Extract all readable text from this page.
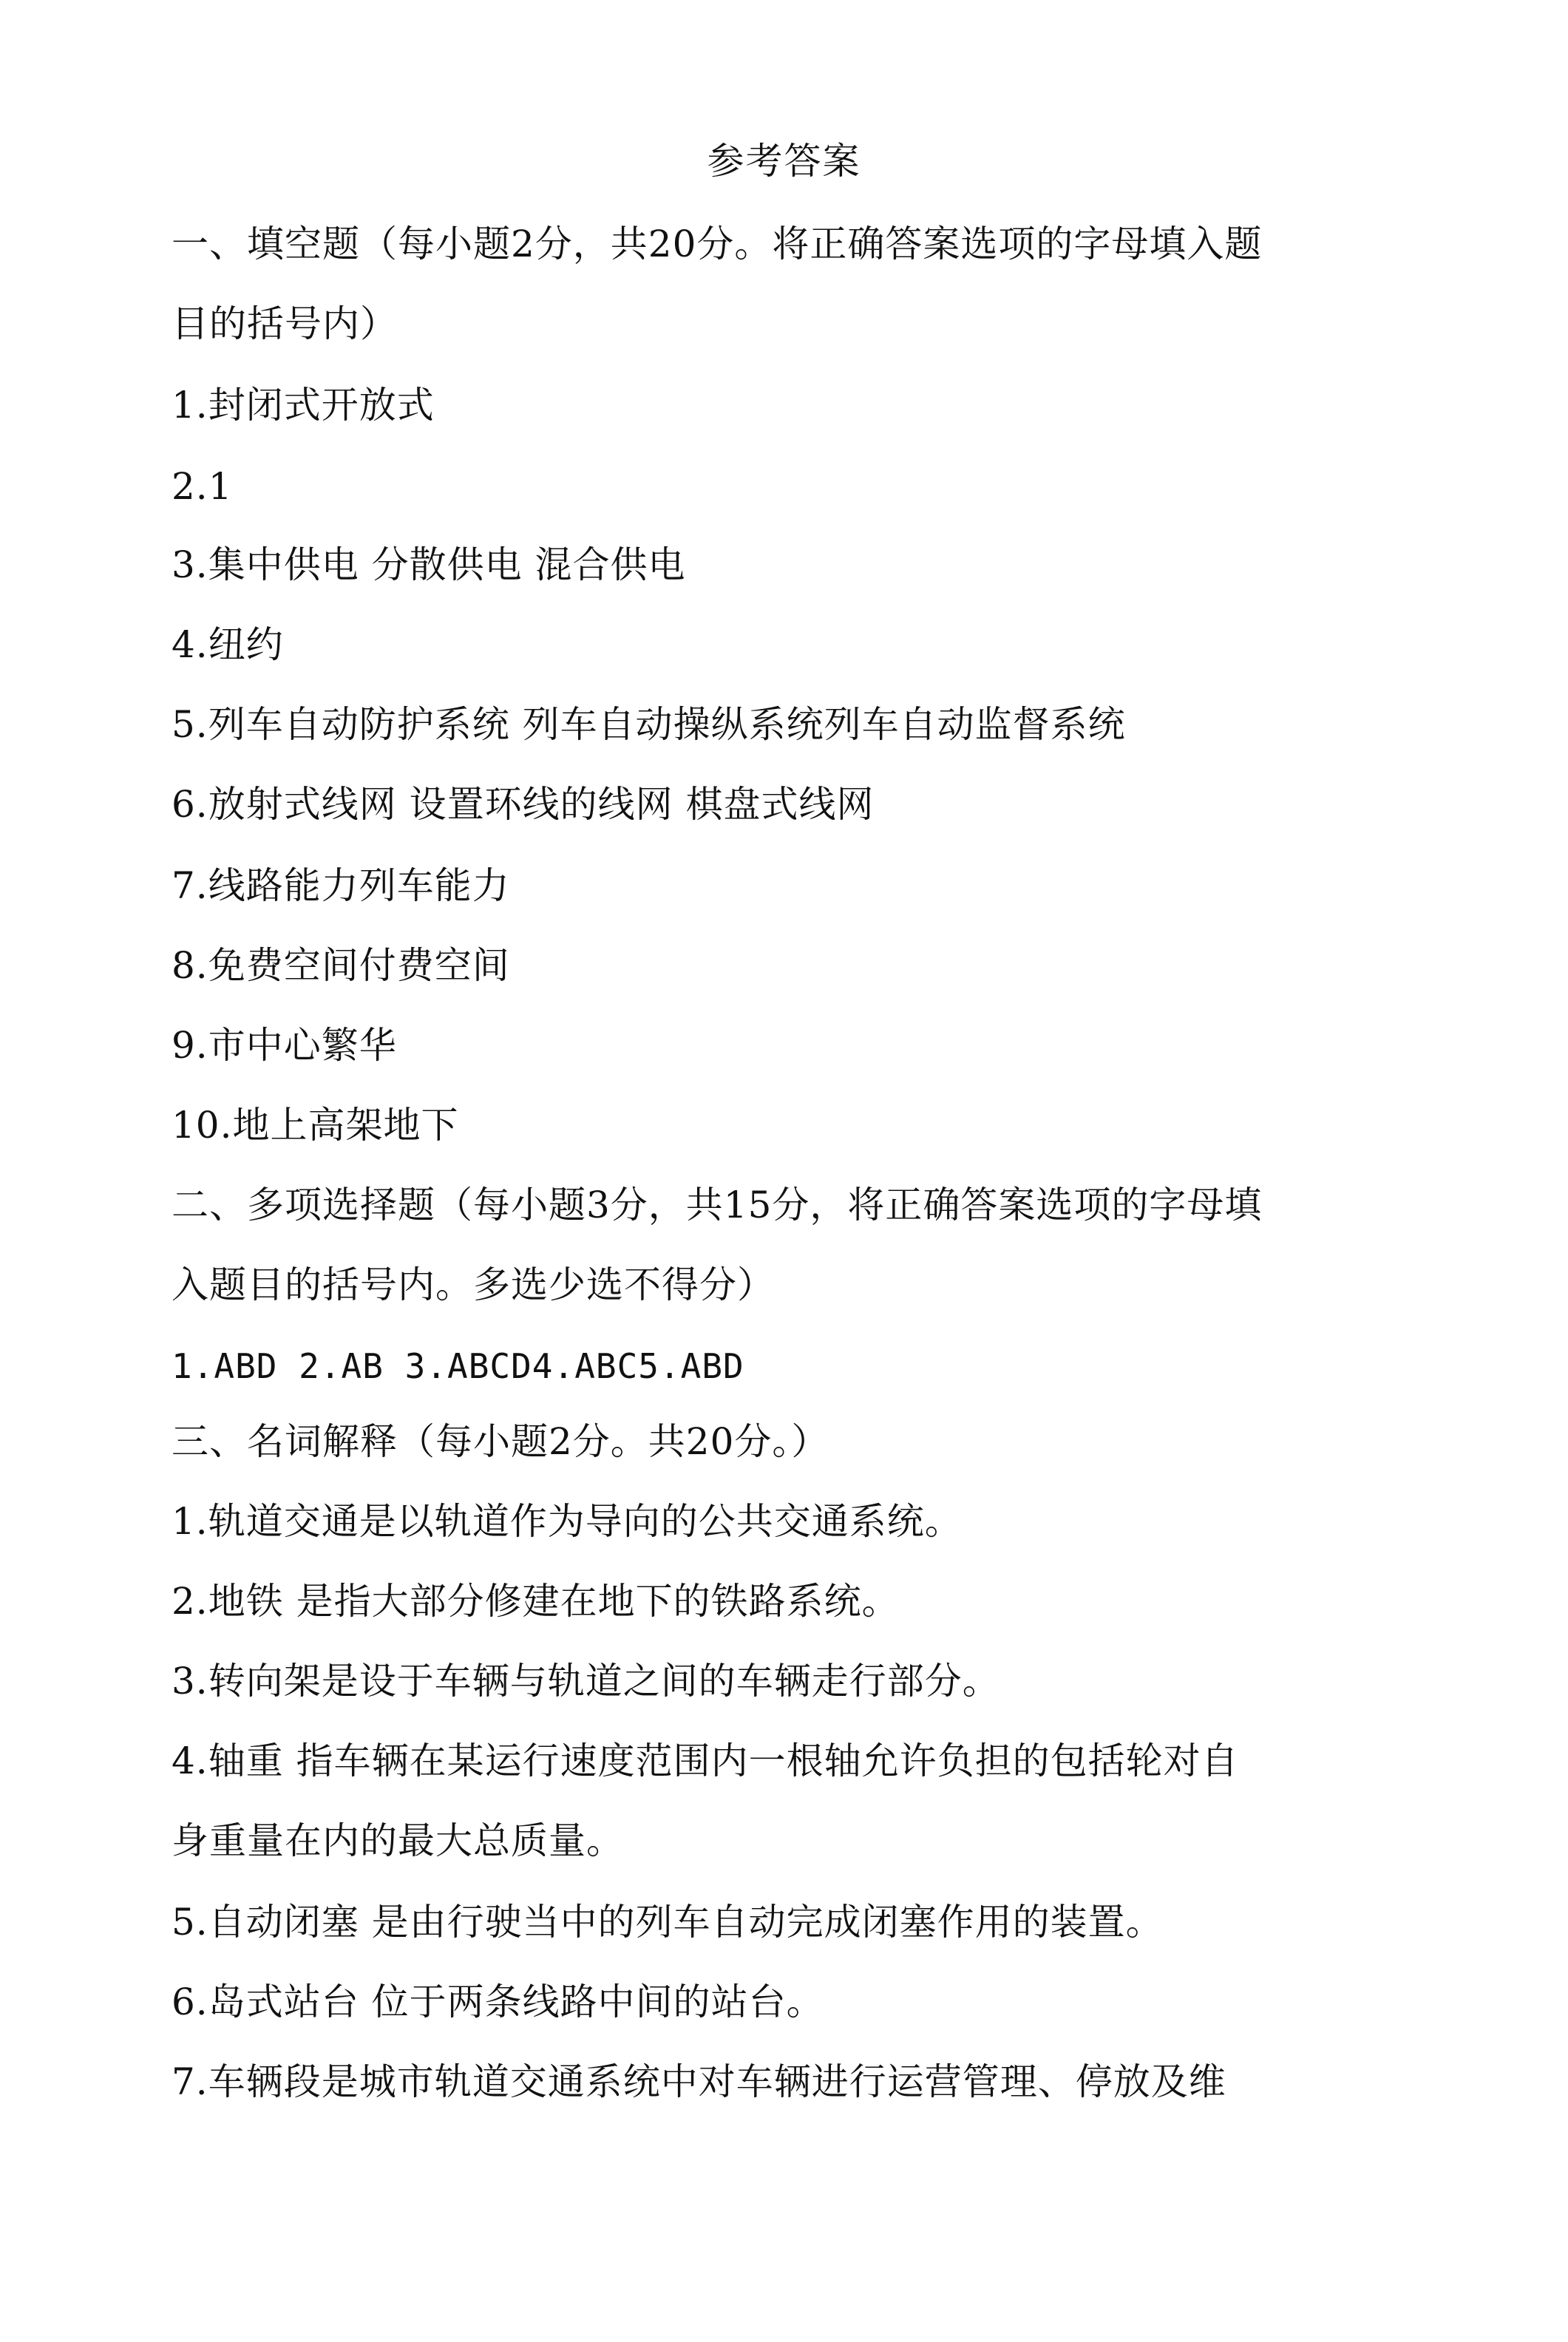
参考答案
一、填空题（每小题2分，共20分。将正确答案选项的字母填入题
目的括号内）
1.封闭式开放式
2.1
3.集中供电 分散供电 混合供电
4.纽约
5.列车自动防护系统 列车自动操纵系统列车自动监督系统
6.放射式线网 设置环线的线网 棋盘式线网
7.线路能力列车能力
8.免费空间付费空间
9.市中心繁华
10.地上高架地下
二、多项选择题（每小题3分，共15分，将正确答案选项的字母填
入题目的括号内。多选少选不得分）
1.ABD 2.AB 3.ABCD4.ABC5.ABD
三、名词解释（每小题2分。共20分。）
1.轨道交通是以轨道作为导向的公共交通系统。
2.地铁 是指大部分修建在地下的铁路系统。
3.转向架是设于车辆与轨道之间的车辆走行部分。
4.轴重 指车辆在某运行速度范围内一根轴允许负担的包括轮对自
身重量在内的最大总质量。
5.自动闭塞 是由行驶当中的列车自动完成闭塞作用的装置。
6.岛式站台 位于两条线路中间的站台。
7.车辆段是城市轨道交通系统中对车辆进行运营管理、停放及维
